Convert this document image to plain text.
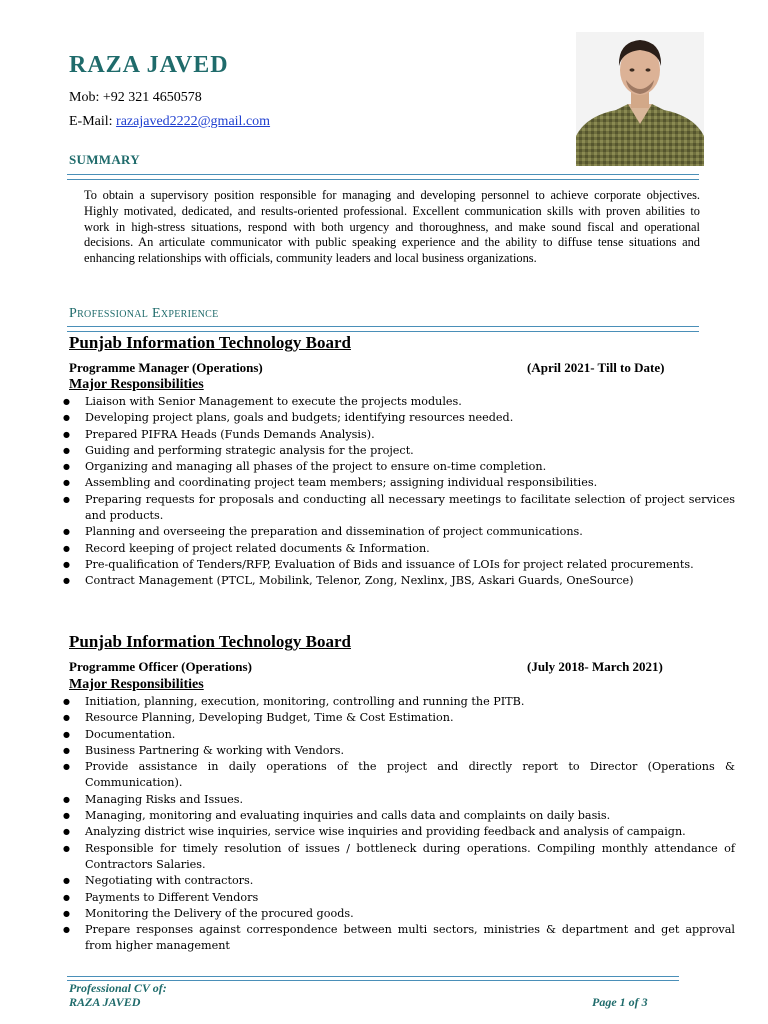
RAZA JAVED
Mob: +92 321 4650578
E-Mail: razajaved2222@gmail.com
SUMMARY
To obtain a supervisory position responsible for managing and developing personnel to achieve corporate objectives. Highly motivated, dedicated, and results-oriented professional. Excellent communication skills with proven abilities to work in high-stress situations, respond with both urgency and thoroughness, and make sound fiscal and operational decisions. An articulate communicator with public speaking experience and the ability to diffuse tense situations and enhancing relationships with officials, community leaders and local business organizations.
Professional Experience
Punjab Information Technology Board
Programme Manager (Operations)	(April 2021- Till to Date)
Major Responsibilities
● Liaison with Senior Management to execute the projects modules.
● Developing project plans, goals and budgets; identifying resources needed.
● Prepared PIFRA Heads (Funds Demands Analysis).
● Guiding and performing strategic analysis for the project.
● Organizing and managing all phases of the project to ensure on-time completion.
● Assembling and coordinating project team members; assigning individual responsibilities.
● Preparing requests for proposals and conducting all necessary meetings to facilitate selection of project services and products.
● Planning and overseeing the preparation and dissemination of project communications.
● Record keeping of project related documents & Information.
● Pre-qualification of Tenders/RFP, Evaluation of Bids and issuance of LOIs for project related procurements.
● Contract Management (PTCL, Mobilink, Telenor, Zong, Nexlinx, JBS, Askari Guards, OneSource)
Punjab Information Technology Board
Programme Officer (Operations)	(July 2018- March 2021)
Major Responsibilities
● Initiation, planning, execution, monitoring, controlling and running the PITB.
● Resource Planning, Developing Budget, Time & Cost Estimation.
● Documentation.
● Business Partnering & working with Vendors.
● Provide assistance in daily operations of the project and directly report to Director (Operations & Communication).
● Managing Risks and Issues.
● Managing, monitoring and evaluating inquiries and calls data and complaints on daily basis.
● Analyzing district wise inquiries, service wise inquiries and providing feedback and analysis of campaign.
● Responsible for timely resolution of issues / bottleneck during operations. Compiling monthly attendance of Contractors Salaries.
● Negotiating with contractors.
● Payments to Different Vendors
● Monitoring the Delivery of the procured goods.
● Prepare responses against correspondence between multi sectors, ministries & department and get approval from higher management
Professional CV of:
RAZA JAVED	Page 1 of 3
